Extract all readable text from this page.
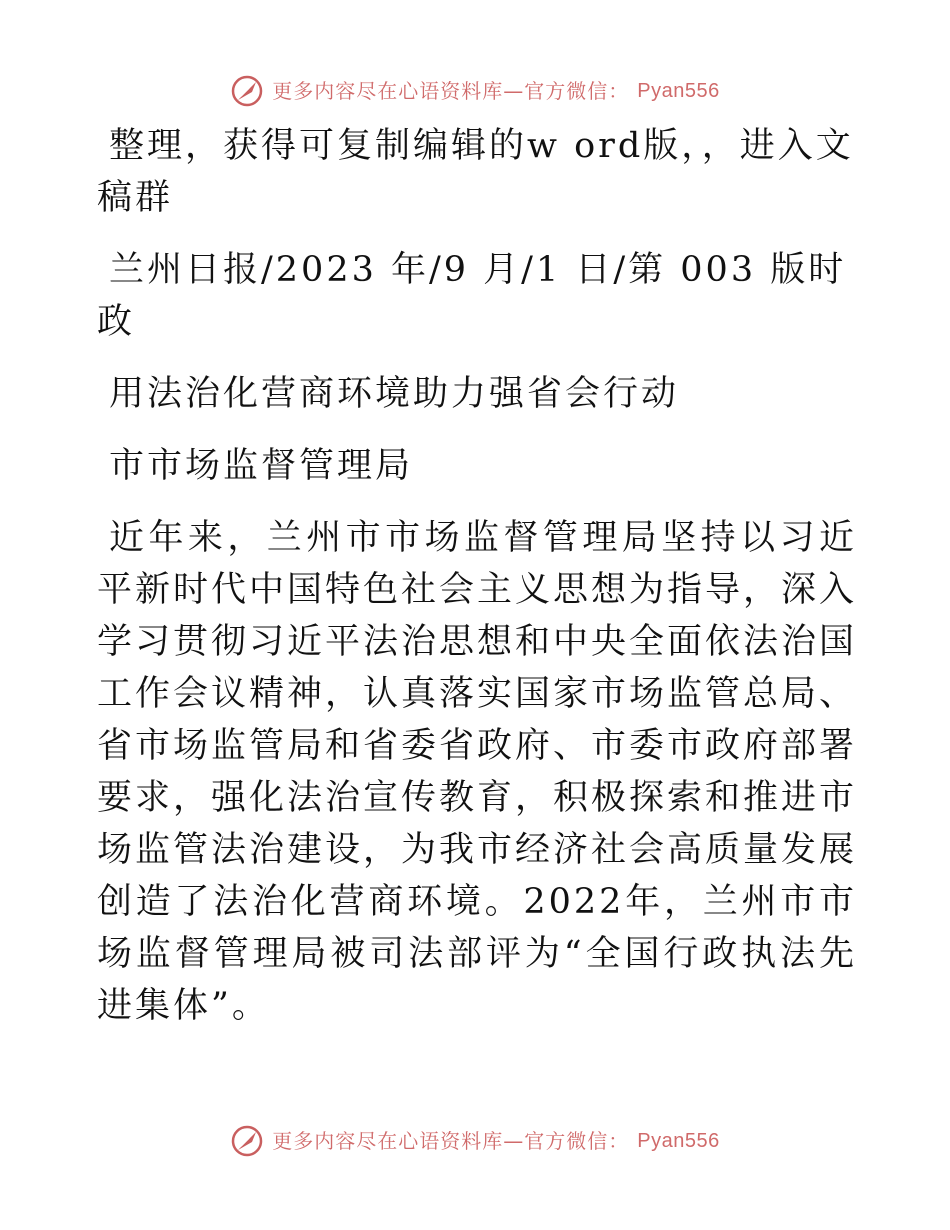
更多内容尽在心语资料库—官方微信： Pyan556

整理，获得可复制编辑的w ord版，，进入文稿群

兰州日报/2023 年/9 月/1 日/第 003 版时政

用法治化营商环境助力强省会行动

市市场监督管理局

近年来，兰州市市场监督管理局坚持以习近平新时代中国特色社会主义思想为指导，深入学习贯彻习近平法治思想和中央全面依法治国工作会议精神，认真落实国家市场监管总局、省市场监管局和省委省政府、市委市政府部署要求，强化法治宣传教育，积极探索和推进市场监管法治建设，为我市经济社会高质量发展创造了法治化营商环境。2022年，兰州市市场监督管理局被司法部评为“全国行政执法先进集体”。

更多内容尽在心语资料库—官方微信： Pyan556
